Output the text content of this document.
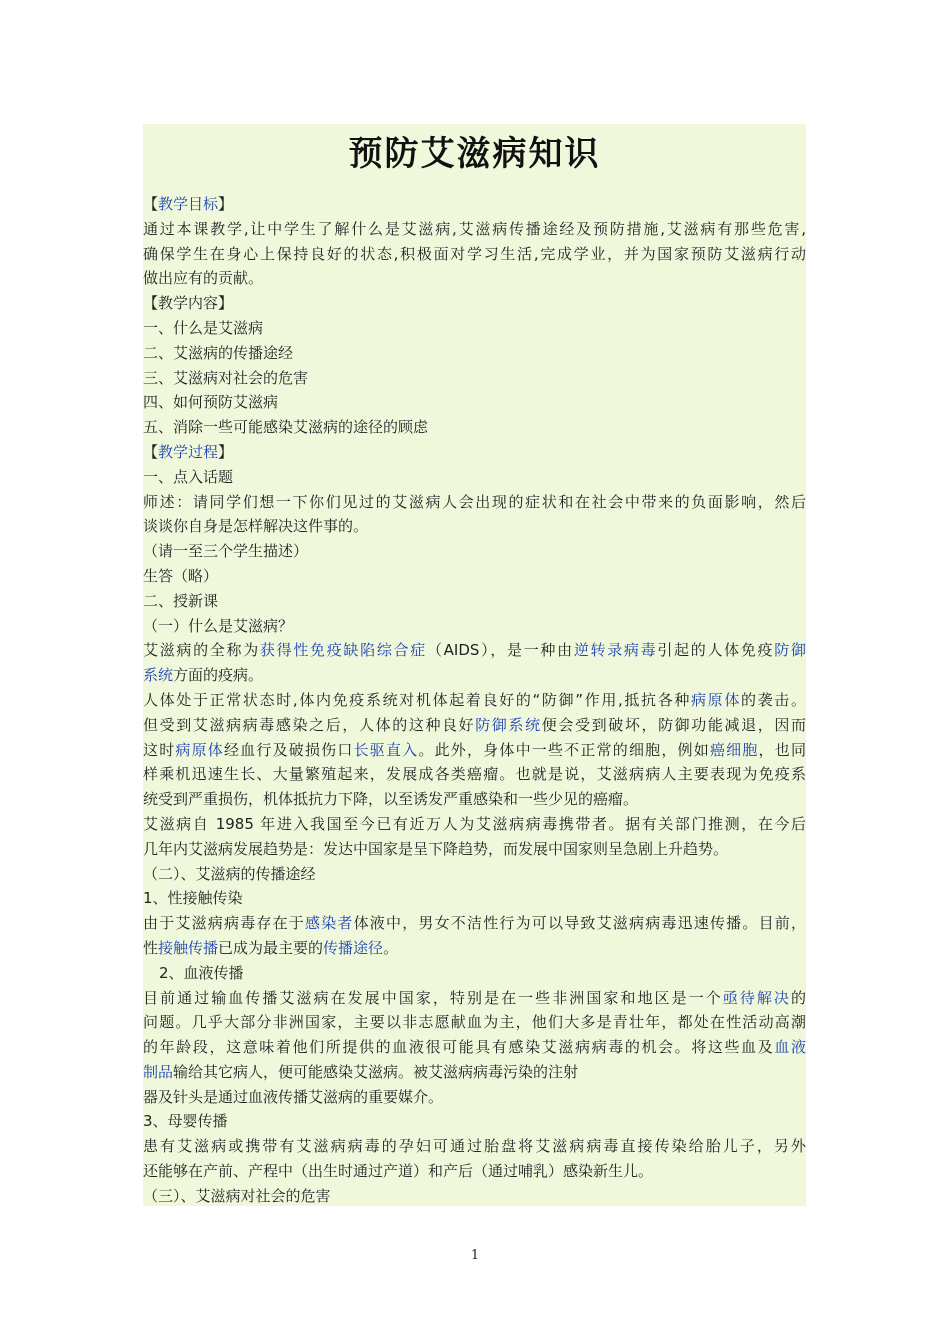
预防艾滋病知识
【教学目标】
通过本课教学,让中学生了解什么是艾滋病,艾滋病传播途经及预防措施,艾滋病有那些危害,
确保学生在身心上保持良好的状态,积极面对学习生活,完成学业，并为国家预防艾滋病行动
做出应有的贡献。
【教学内容】
一、什么是艾滋病
二、艾滋病的传播途经
三、艾滋病对社会的危害
四、如何预防艾滋病
五、消除一些可能感染艾滋病的途径的顾虑
【教学过程】
一、点入话题
师述：请同学们想一下你们见过的艾滋病人会出现的症状和在社会中带来的负面影响，然后
谈谈你自身是怎样解决这件事的。
（请一至三个学生描述）
生答（略）
二、授新课
（一）什么是艾滋病？
艾滋病的全称为获得性免疫缺陷综合症（AIDS），是一种由逆转录病毒引起的人体免疫防御
系统方面的疫病。
人体处于正常状态时,体内免疫系统对机体起着良好的“防御”作用,抵抗各种病原体的袭击。
但受到艾滋病病毒感染之后，人体的这种良好防御系统便会受到破坏，防御功能减退，因而
这时病原体经血行及破损伤口长驱直入。此外，身体中一些不正常的细胞，例如癌细胞，也同
样乘机迅速生长、大量繁殖起来，发展成各类癌瘤。也就是说，艾滋病病人主要表现为免疫系
统受到严重损伤，机体抵抗力下降，以至诱发严重感染和一些少见的癌瘤。
艾滋病自 1985 年进入我国至今已有近万人为艾滋病病毒携带者。据有关部门推测，在今后
几年内艾滋病发展趋势是：发达中国家是呈下降趋势，而发展中国家则呈急剧上升趋势。
（二）、艾滋病的传播途经
1、性接触传染
由于艾滋病病毒存在于感染者体液中，男女不洁性行为可以导致艾滋病病毒迅速传播。目前，
性接触传播已成为最主要的传播途径。
2、血液传播
目前通过输血传播艾滋病在发展中国家，特别是在一些非洲国家和地区是一个亟待解决的
问题。几乎大部分非洲国家，主要以非志愿献血为主，他们大多是青壮年，都处在性活动高潮
的年龄段，这意味着他们所提供的血液很可能具有感染艾滋病病毒的机会。将这些血及血液
制品输给其它病人，便可能感染艾滋病。被艾滋病病毒污染的注射
器及针头是通过血液传播艾滋病的重要媒介。
3、母婴传播
患有艾滋病或携带有艾滋病病毒的孕妇可通过胎盘将艾滋病病毒直接传染给胎儿子，另外
还能够在产前、产程中（出生时通过产道）和产后（通过哺乳）感染新生儿。
（三）、艾滋病对社会的危害
1
